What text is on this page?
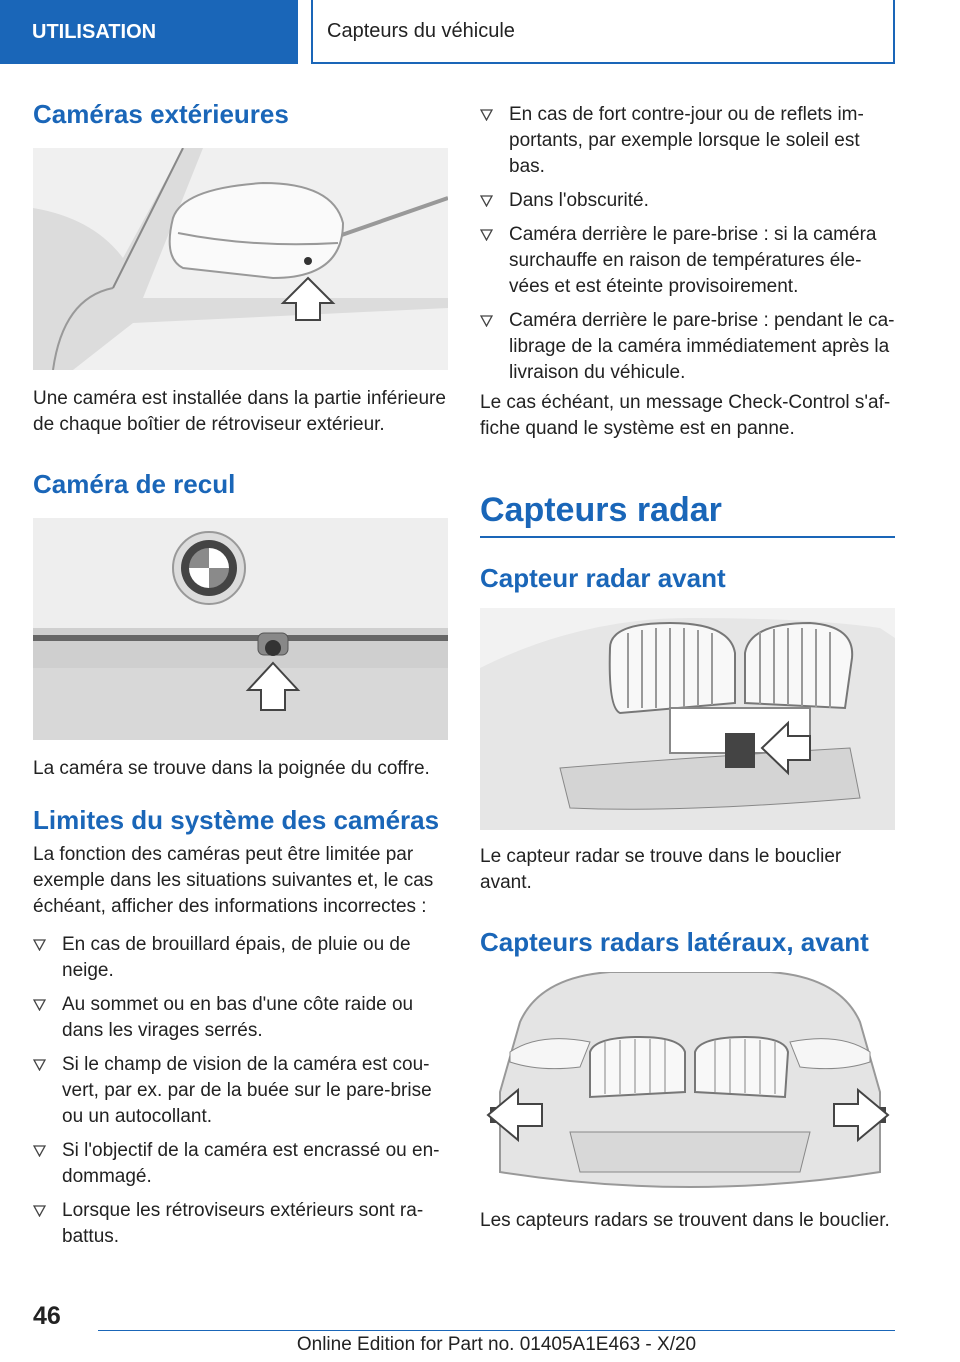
UTILISATION	Capteurs du véhicule
Caméras extérieures

Une caméra est installée dans la partie inférieure de chaque boîtier de rétroviseur extérieur.

Caméra de recul

La caméra se trouve dans la poignée du coffre.

Limites du système des caméras

La fonction des caméras peut être limitée par exemple dans les situations suivantes et, le cas échéant, afficher des informations incorrectes :

En cas de brouillard épais, de pluie ou de neige.
Au sommet ou en bas d'une côte raide ou dans les virages serrés.
Si le champ de vision de la caméra est cou-vert, par ex. par de la buée sur le pare-brise ou un autocollant.
Si l'objectif de la caméra est encrassé ou en-dommagé.
Lorsque les rétroviseurs extérieurs sont ra-battus.
En cas de fort contre-jour ou de reflets im-portants, par exemple lorsque le soleil est bas.
Dans l'obscurité.
Caméra derrière le pare-brise : si la caméra surchauffe en raison de températures éle-vées et est éteinte provisoirement.
Caméra derrière le pare-brise : pendant le ca-librage de la caméra immédiatement après la livraison du véhicule.

Le cas échéant, un message Check-Control s'af-fiche quand le système est en panne.

Capteurs radar
Capteur radar avant

Le capteur radar se trouve dans le bouclier avant.

Capteurs radars latéraux, avant

Les capteurs radars se trouvent dans le bouclier.

46
Online Edition for Part no. 01405A1E463 - X/20
